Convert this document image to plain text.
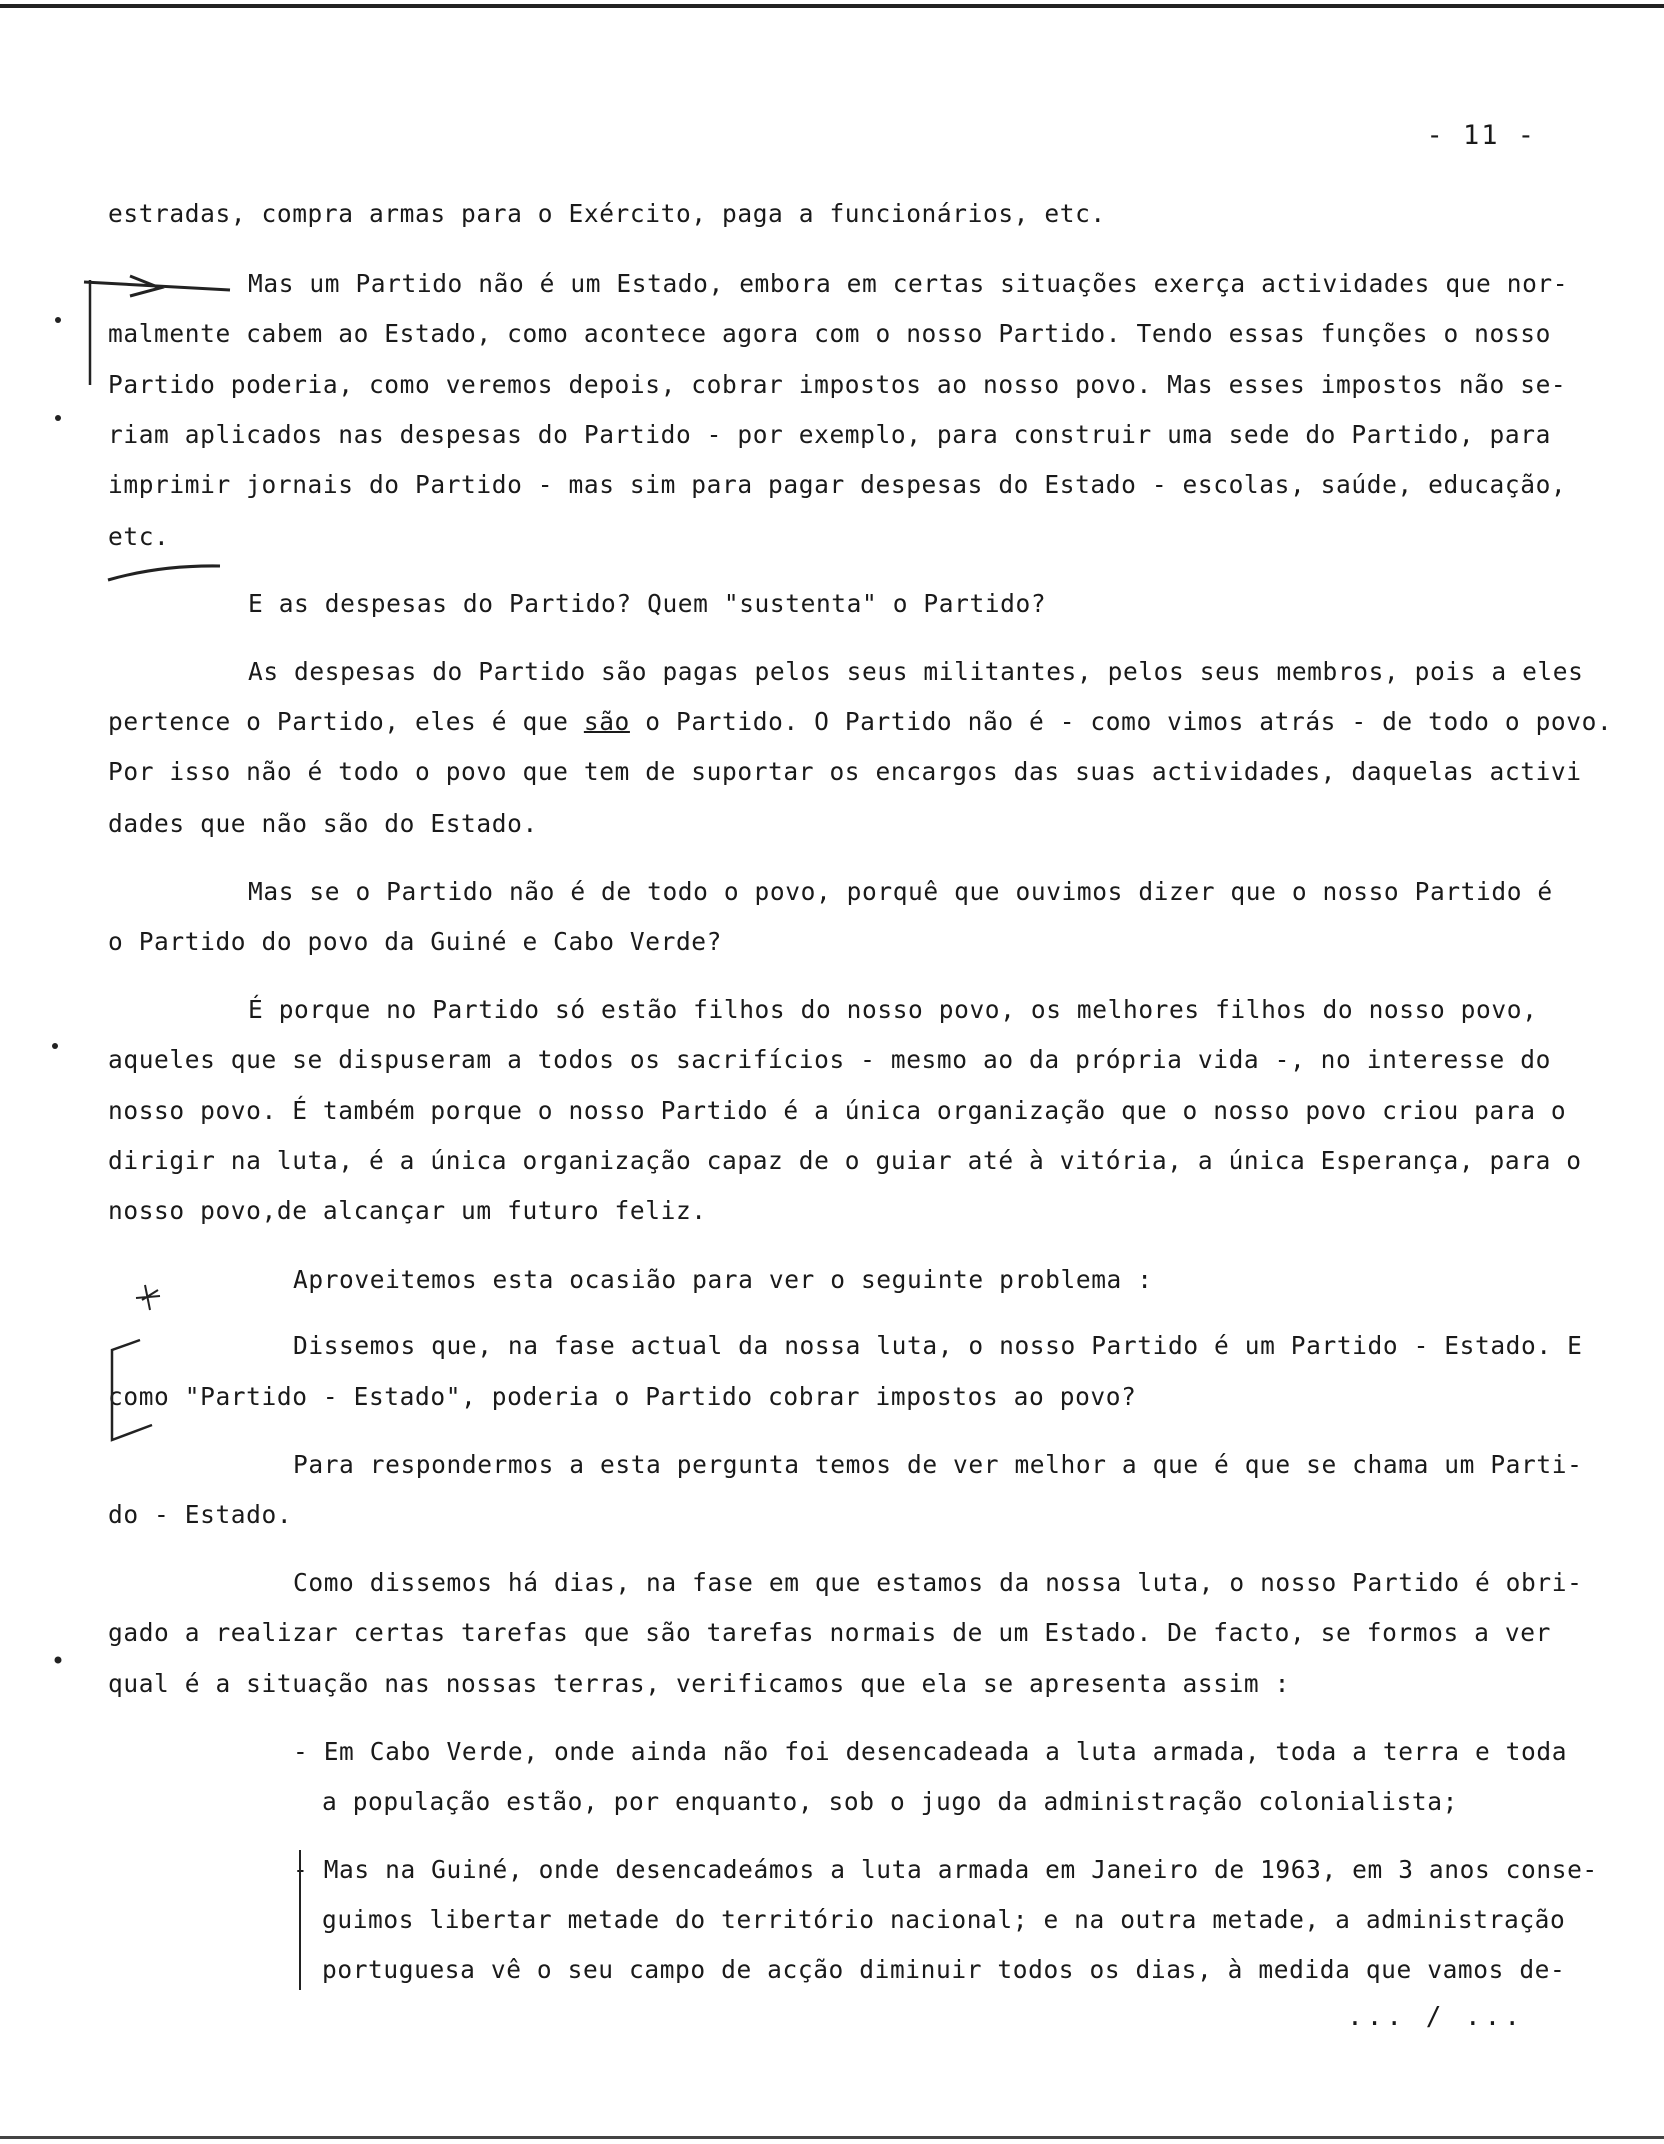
- 11 -
estradas, compra armas para o Exército, paga a funcionários, etc.
Mas um Partido não é um Estado, embora em certas situações exerça actividades que nor-
malmente cabem ao Estado, como acontece agora com o nosso Partido. Tendo essas funções o nosso
Partido poderia, como veremos depois, cobrar impostos ao nosso povo. Mas esses impostos não se-
riam aplicados nas despesas do Partido - por exemplo, para construir uma sede do Partido, para
imprimir jornais do Partido - mas sim para pagar despesas do Estado - escolas, saúde, educação,
etc.
E as despesas do Partido? Quem "sustenta" o Partido?
As despesas do Partido são pagas pelos seus militantes, pelos seus membros, pois a eles
pertence o Partido, eles é que são o Partido. O Partido não é - como vimos atrás - de todo o povo.
Por isso não é todo o povo que tem de suportar os encargos das suas actividades, daquelas activi
dades que não são do Estado.
Mas se o Partido não é de todo o povo, porquê que ouvimos dizer que o nosso Partido é
o Partido do povo da Guiné e Cabo Verde?
É porque no Partido só estão filhos do nosso povo, os melhores filhos do nosso povo,
aqueles que se dispuseram a todos os sacrifícios - mesmo ao da própria vida -, no interesse do
nosso povo. É também porque o nosso Partido é a única organização que o nosso povo criou para o
dirigir na luta, é a única organização capaz de o guiar até à vitória, a única Esperança, para o
nosso povo,de alcançar um futuro feliz.
Aproveitemos esta ocasião para ver o seguinte problema :
Dissemos que, na fase actual da nossa luta, o nosso Partido é um Partido - Estado. E
como "Partido - Estado", poderia o Partido cobrar impostos ao povo?
Para respondermos a esta pergunta temos de ver melhor a que é que se chama um Parti-
do - Estado.
Como dissemos há dias, na fase em que estamos da nossa luta, o nosso Partido é obri-
gado a realizar certas tarefas que são tarefas normais de um Estado. De facto, se formos a ver
qual é a situação nas nossas terras, verificamos que ela se apresenta assim :
- Em Cabo Verde, onde ainda não foi desencadeada a luta armada, toda a terra e toda
a população estão, por enquanto, sob o jugo da administração colonialista;
- Mas na Guiné, onde desencadeámos a luta armada em Janeiro de 1963, em 3 anos conse-
guimos libertar metade do território nacional; e na outra metade, a administração
portuguesa vê o seu campo de acção diminuir todos os dias, à medida que vamos de-
... / ...
